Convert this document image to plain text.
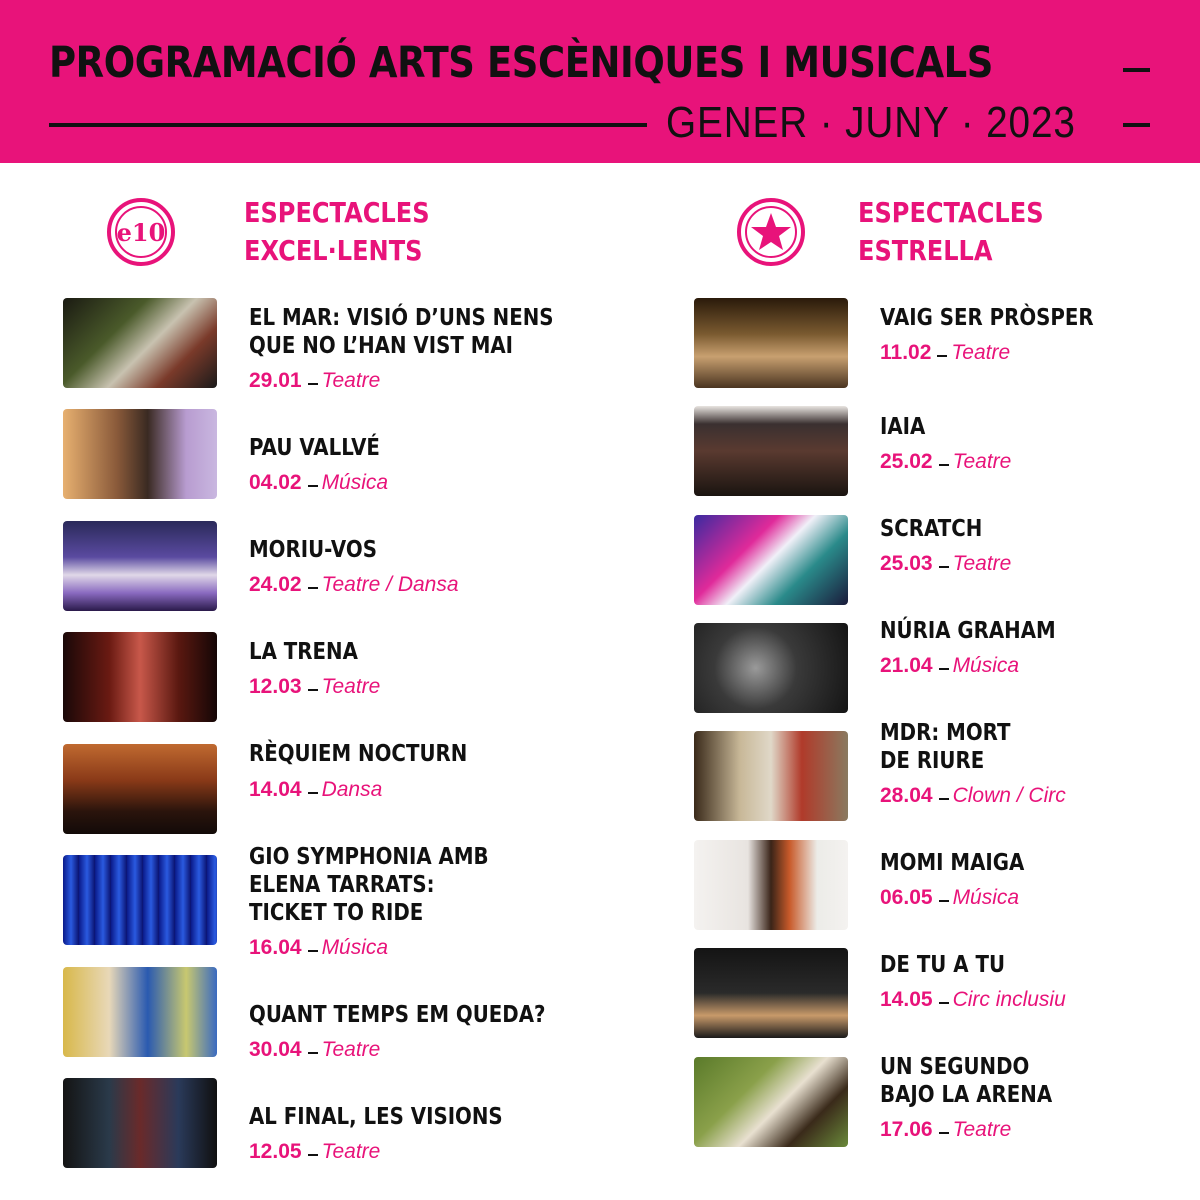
PROGRAMACIÓ ARTS ESCÈNIQUES I MUSICALS
GENER · JUNY · 2023
e10
ESPECTACLES
EXCEL·LENTS
ESPECTACLES
ESTRELLA
EL MAR: VISIÓ D’UNS NENS
QUE NO L’HAN VIST MAI
29.01 Teatre
PAU VALLVÉ
04.02 Música
MORIU-VOS
24.02 Teatre / Dansa
LA TRENA
12.03 Teatre
RÈQUIEM NOCTURN
14.04 Dansa
GIO SYMPHONIA AMB
ELENA TARRATS:
TICKET TO RIDE
16.04 Música
QUANT TEMPS EM QUEDA?
30.04 Teatre
AL FINAL, LES VISIONS
12.05 Teatre
VAIG SER PRÒSPER
11.02 Teatre
IAIA
25.02 Teatre
SCRATCH
25.03 Teatre
NÚRIA GRAHAM
21.04 Música
MDR: MORT
DE RIURE
28.04 Clown / Circ
MOMI MAIGA
06.05 Música
DE TU A TU
14.05 Circ inclusiu
UN SEGUNDO
BAJO LA ARENA
17.06 Teatre
